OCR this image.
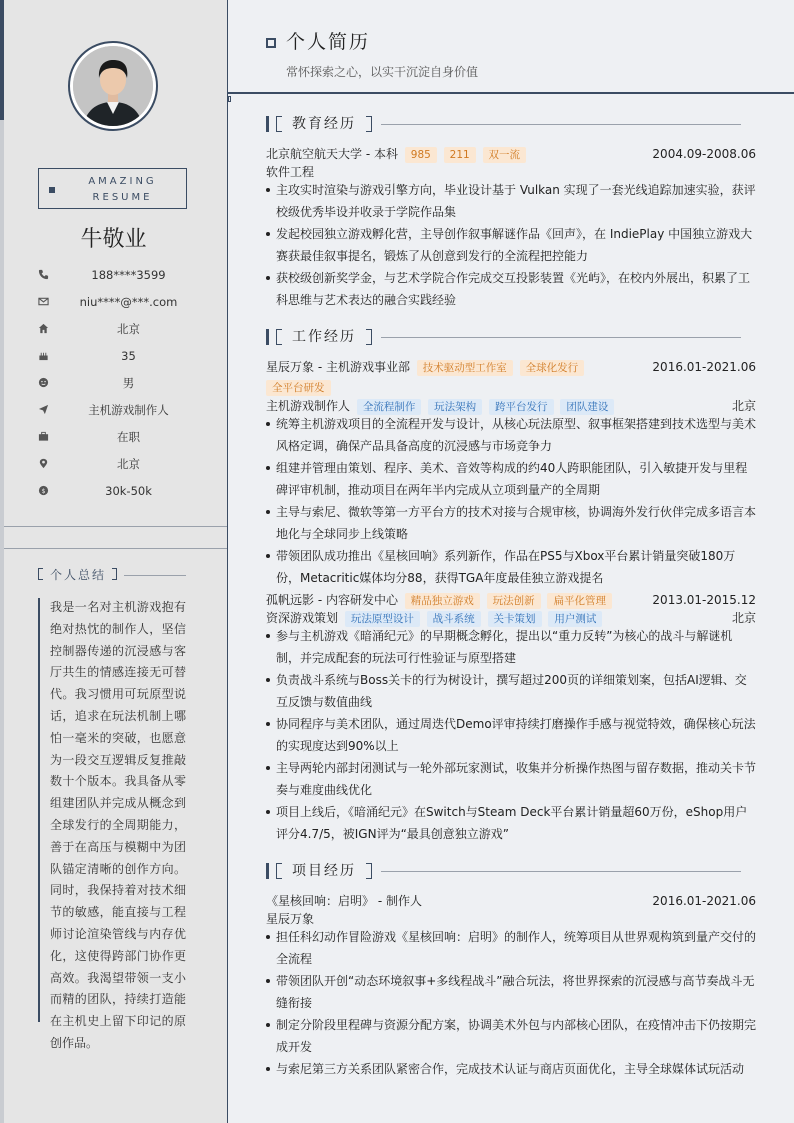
AMAZING RESUME
牛敬业
188****3599
niu****@***.com
北京
35
男
主机游戏制作人
在职
北京
$	30k-50k
个人总结
我是一名对主机游戏抱有绝对热忱的制作人，坚信控制器传递的沉浸感与客厅共生的情感连接无可替代。我习惯用可玩原型说话，追求在玩法机制上哪怕一毫米的突破，也愿意为一段交互逻辑反复推敲数十个版本。我具备从零组建团队并完成从概念到全球发行的全周期能力，善于在高压与模糊中为团队锚定清晰的创作方向。同时，我保持着对技术细节的敏感，能直接与工程师讨论渲染管线与内存优化，这使得跨部门协作更高效。我渴望带领一支小而精的团队，持续打造能在主机史上留下印记的原创作品。
个人简历
常怀探索之心，以实干沉淀自身价值
教育经历
北京航空航天大学 - 本科 985 211 双一流	2004.09-2008.06
软件工程
主攻实时渲染与游戏引擎方向，毕业设计基于 Vulkan 实现了一套光线追踪加速实验，获评校级优秀毕设并收录于学院作品集
发起校园独立游戏孵化营，主导创作叙事解谜作品《回声》，在 IndiePlay 中国独立游戏大赛获最佳叙事提名，锻炼了从创意到发行的全流程把控能力
获校级创新奖学金，与艺术学院合作完成交互投影装置《光屿》，在校内外展出，积累了工科思维与艺术表达的融合实践经验
工作经历
星辰万象 - 主机游戏事业部 技术驱动型工作室 全球化发行	2016.01-2021.06
全平台研发
主机游戏制作人 全流程制作 玩法架构 跨平台发行 团队建设	北京
统筹主机游戏项目的全流程开发与设计，从核心玩法原型、叙事框架搭建到技术选型与美术风格定调，确保产品具备高度的沉浸感与市场竞争力
组建并管理由策划、程序、美术、音效等构成的约40人跨职能团队，引入敏捷开发与里程碑评审机制，推动项目在两年半内完成从立项到量产的全周期
主导与索尼、微软等第一方平台方的技术对接与合规审核，协调海外发行伙伴完成多语言本地化与全球同步上线策略
带领团队成功推出《星核回响》系列新作，作品在PS5与Xbox平台累计销量突破180万份，Metacritic媒体均分88，获得TGA年度最佳独立游戏提名
孤帆远影 - 内容研发中心 精品独立游戏 玩法创新 扁平化管理	2013.01-2015.12
资深游戏策划 玩法原型设计 战斗系统 关卡策划 用户测试	北京
参与主机游戏《暗涌纪元》的早期概念孵化，提出以“重力反转”为核心的战斗与解谜机制，并完成配套的玩法可行性验证与原型搭建
负责战斗系统与Boss关卡的行为树设计，撰写超过200页的详细策划案，包括AI逻辑、交互反馈与数值曲线
协同程序与美术团队，通过周迭代Demo评审持续打磨操作手感与视觉特效，确保核心玩法的实现度达到90%以上
主导两轮内部封闭测试与一轮外部玩家测试，收集并分析操作热图与留存数据，推动关卡节奏与难度曲线优化
项目上线后，《暗涌纪元》在Switch与Steam Deck平台累计销量超60万份，eShop用户评分4.7/5，被IGN评为“最具创意独立游戏”
项目经历
《星核回响：启明》 - 制作人	2016.01-2021.06
星辰万象
担任科幻动作冒险游戏《星核回响：启明》的制作人，统筹项目从世界观构筑到量产交付的全流程
带领团队开创“动态环境叙事+多线程战斗”融合玩法，将世界探索的沉浸感与高节奏战斗无缝衔接
制定分阶段里程碑与资源分配方案，协调美术外包与内部核心团队，在疫情冲击下仍按期完成开发
与索尼第三方关系团队紧密合作，完成技术认证与商店页面优化，主导全球媒体试玩活动
